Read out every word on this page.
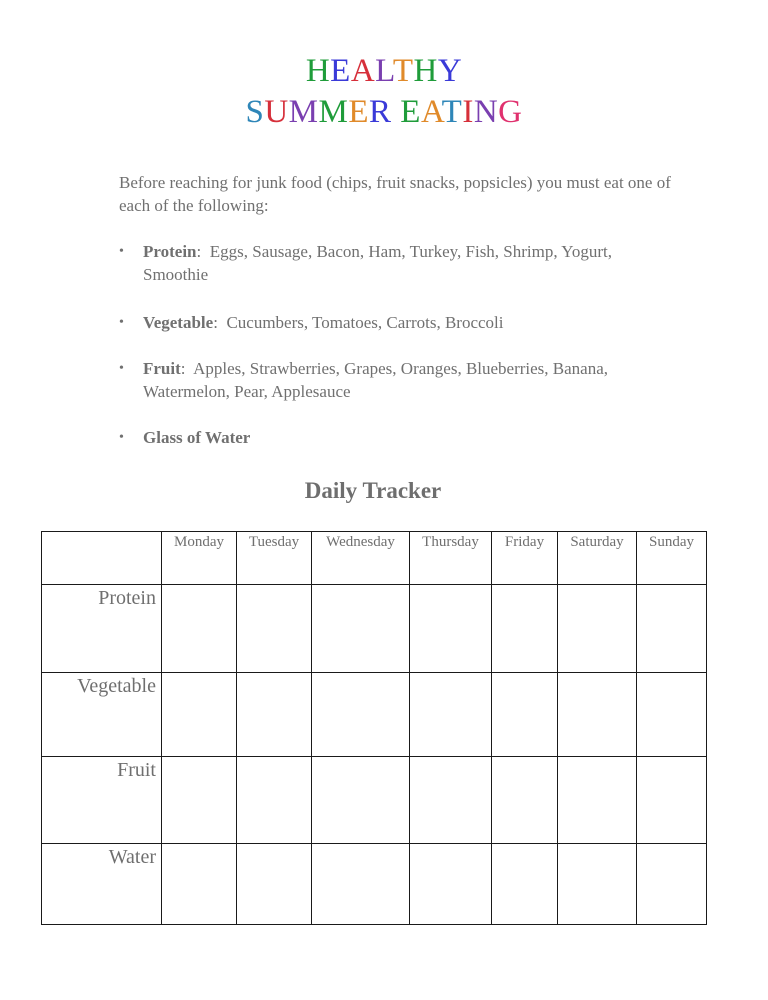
HEALTHY
SUMMER EATING

Before reaching for junk food (chips, fruit snacks, popsicles) you must eat one of each of the following:

• Protein:  Eggs, Sausage, Bacon, Ham, Turkey, Fish, Shrimp, Yogurt, Smoothie
• Vegetable:  Cucumbers, Tomatoes, Carrots, Broccoli
• Fruit:  Apples, Strawberries, Grapes, Oranges, Blueberries, Banana, Watermelon, Pear, Applesauce
• Glass of Water
Daily Tracker
	Monday	Tuesday	Wednesday	Thursday	Friday	Saturday	Sunday
Protein							
Vegetable							
Fruit							
Water							
